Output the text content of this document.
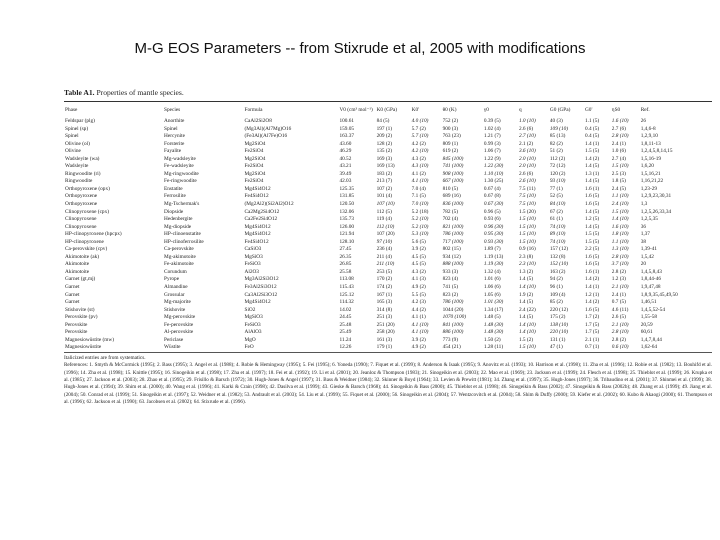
M-G EOS Parameters -- from Stixrude et al, 2005 with modifications
Table A1. Properties of mantle species.
Phase	Species	Formula	V0 (cm³ mol⁻¹)	K0 (GPa)	K0'	θ0 (K)	γ0	q	G0 (GPa)	G0'	ηS0	Ref.
Feldspar (plg)	Anorthite	CaAl2Si2O8	100.61	84 (5)	4.0 (10)	752 (2)	0.39 (5)	1.0 (10)	40 (3)	1.1 (5)	1.6 (10)	26
Spinel (sp)	Spinel	(Mg3Al)(Al7Mg)O16	159.05	197 (1)	5.7 (2)	900 (3)	1.02 (4)	2.6 (6)	109 (10)	0.4 (5)	2.7 (6)	1,4,6-8
Spinel	Hercynite	(Fe3Al)(Al7Fe)O16	163.37	209 (2)	5.7 (10)	763 (23)	1.21 (7)	2.7 (10)	85 (13)	0.4 (5)	2.8 (10)	1,2,9,10
Olivine (ol)	Forsterite	Mg2SiO4	43.60	128 (2)	4.2 (2)	809 (1)	0.99 (3)	2.1 (2)	82 (2)	1.4 (1)	2.4 (1)	1,8,11-13
Olivine	Fayalite	Fe2SiO4	46.29	135 (2)	4.2 (10)	619 (2)	1.06 (7)	3.6 (10)	51 (2)	1.5 (5)	1.0 (6)	1,2,4,5,8,14,15
Wadsleyite (wa)	Mg-wadsleyite	Mg2SiO4	40.52	169 (3)	4.3 (2)	845 (100)	1.22 (9)	2.0 (10)	112 (2)	1.4 (2)	2.7 (4)	1,5,16-19
Wadsleyite	Fe-wadsleyite	Fe2SiO4	43.21	169 (13)	4.3 (10)	741 (100)	1.22 (30)	2.0 (10)	72 (12)	1.4 (5)	1.5 (10)	1,6,20
Ringwoodite (ri)	Mg-ringwoodite	Mg2SiO4	39.49	183 (2)	4.1 (2)	908 (100)	1.10 (10)	2.6 (6)	120 (2)	1.3 (1)	2.5 (3)	1,5,16,21
Ringwoodite	Fe-ringwoodite	Fe2SiO4	42.03	213 (7)	4.1 (10)	667 (100)	1.30 (25)	2.6 (10)	93 (10)	1.4 (5)	1.8 (5)	1,16,21,22
Orthopyroxene (opx)	Enstatite	Mg4Si4O12	125.35	107 (2)	7.0 (4)	810 (5)	0.67 (4)	7.5 (11)	77 (1)	1.6 (1)	2.4 (5)	1,23-29
Orthopyroxene	Ferrosilite	Fe4Si4O12	131.85	101 (4)	7.1 (5)	689 (16)	0.67 (8)	7.5 (10)	52 (5)	1.6 (5)	1.1 (10)	1,2,9,23,30,31
Orthopyroxene	Mg-Tschermak's	(Mg2Al2)(Si2Al2)O12	120.50	107 (10)	7.0 (10)	836 (100)	0.67 (30)	7.5 (10)	84 (10)	1.6 (5)	2.4 (10)	1,3
Clinopyroxene (cpx)	Diopside	Ca2Mg2Si4O12	132.06	112 (5)	5.2 (18)	782 (5)	0.96 (5)	1.5 (20)	67 (2)	1.4 (5)	1.5 (10)	1,2,5,26,33,34
Clinopyroxene	Hedenbergite	Ca2Fe2Si4O12	135.73	119 (4)	5.2 (10)	702 (4)	0.93 (6)	1.5 (10)	61 (1)	1.2 (5)	1.4 (10)	1,2,5,35
Clinopyroxene	Mg-diopside	Mg4Si4O12	126.00	112 (10)	5.2 (10)	821 (100)	0.96 (30)	1.5 (10)	74 (10)	1.4 (5)	1.6 (10)	36
HP-clinopyroxene (hpcpx)	HP-clinoenstatite	Mg4Si4O12	121.94	107 (20)	5.3 (10)	786 (100)	0.95 (30)	1.5 (10)	89 (10)	1.5 (5)	1.8 (10)	1,37
HP-clinopyroxene	HP-clinoferrosilite	Fe4Si4O12	128.10	97 (10)	5.6 (5)	717 (100)	0.93 (30)	1.5 (10)	74 (10)	1.5 (5)	1.1 (10)	38
Ca-perovskite (cpv)	Ca-perovskite	CaSiO3	27.45	236 (4)	3.9 (2)	802 (15)	1.89 (7)	0.9 (16)	157 (12)	2.2 (5)	1.3 (10)	1,39-41
Akimotoite (ak)	Mg-akimotoite	MgSiO3	26.35	211 (4)	4.5 (5)	934 (12)	1.19 (13)	2.3 (8)	132 (8)	1.6 (5)	2.8 (10)	1,5,42
Akimotoite	Fe-akimotoite	FeSiO3	26.85	211 (10)	4.5 (5)	888 (100)	1.19 (30)	2.3 (10)	152 (10)	1.6 (5)	3.7 (10)	20
Akimotoite	Corundum	Al2O3	25.58	253 (5)	4.3 (2)	933 (3)	1.32 (4)	1.3 (2)	163 (2)	1.6 (1)	2.8 (2)	1,4,5,8,43
Garnet (gt,mj)	Pyrope	Mg3Al2Si3O12	113.08	170 (2)	4.1 (3)	823 (4)	1.01 (6)	1.4 (5)	94 (2)	1.4 (2)	1.2 (3)	1,8,44-46
Garnet	Almandine	Fe3Al2Si3O12	115.43	174 (2)	4.9 (2)	741 (5)	1.06 (6)	1.4 (10)	96 (1)	1.4 (1)	2.1 (10)	1,9,47,48
Garnet	Grossular	Ca3Al2Si3O12	125.12	167 (1)	5.5 (5)	823 (2)	1.05 (6)	1.9 (2)	109 (4)	1.2 (1)	2.4 (1)	1,8,9,35,45,49,50
Garnet	Mg-majorite	Mg4Si4O12	114.32	165 (3)	4.2 (3)	786 (100)	1.01 (30)	1.4 (5)	85 (2)	1.4 (2)	0.7 (5)	1,46,51
Stishovite (st)	Stishovite	SiO2	14.02	314 (8)	4.4 (2)	1044 (20)	1.34 (17)	2.4 (22)	220 (12)	1.6 (5)	4.6 (11)	1,4,5,52-54
Perovskite (pv)	Mg-perovskite	MgSiO3	24.45	251 (3)	4.1 (1)	1070 (100)	1.48 (5)	1.4 (5)	175 (2)	1.7 (2)	2.6 (5)	1,55-58
Perovskite	Fe-perovskite	FeSiO3	25.48	251 (20)	4.1 (10)	841 (100)	1.48 (30)	1.4 (10)	138 (10)	1.7 (5)	2.1 (10)	20,59
Perovskite	Al-perovskite	AlAlO3	25.49	258 (20)	4.1 (10)	886 (100)	1.48 (30)	1.4 (10)	220 (10)	1.7 (5)	2.8 (10)	60,61
Magnesiowüstite (mw)	Periclase	MgO	11.24	161 (3)	3.9 (2)	773 (9)	1.50 (2)	1.5 (2)	131 (1)	2.1 (1)	2.8 (2)	1,4,7,8,44
Magnesiowüstite	Wüstite	FeO	12.26	179 (1)	4.9 (2)	454 (21)	1.28 (11)	1.5 (10)	47 (1)	0.7 (1)	0.6 (10)	1,62-64
Italicized entries are from systematics.
References: 1. Smyth & McCormick (1995); 2. Bass (1995); 3. Angel et al. (1988); 4. Robie & Hemingway (1995); 5. Fei (1995); 6. Yoneda (1990); 7. Fiquet et al. (1999); 8. Anderson & Isaak (1995); 9. Anovitz et al. (1993); 10. Harrison et al. (1998); 11. Zha et al. (1996); 12. Robie et al. (1982); 13. Bouhifd et al. (1996); 14. Zha et al. (1998); 15. Knittle (1995); 16. Sinogeikin et al. (1998); 17. Zha et al. (1997); 18. Fei et al. (1992); 19. Li et al. (2001); 20. Jeanloz & Thompson (1983); 21. Sinogeikin et al. (2003); 22. Mao et al. (1969); 23. Jackson et al. (1999); 24. Flesch et al. (1998); 25. Thieblot et al. (1999); 26. Krupka et al. (1985); 27. Jackson et al. (2003); 28. Zhao et al. (1995); 29. Frisillo & Barsch (1972); 30. Hugh-Jones & Angel (1997); 31. Bass & Weidner (1984); 32. Skinner & Boyd (1964); 33. Levien & Prewitt (1981); 34. Zhang et al. (1997); 35. Hugh-Jones (1997); 36. Tribaudino et al. (2001); 37. Shinmei et al. (1999); 38. Hugh-Jones et al. (1994); 39. Shim et al. (2000); 40. Wang et al. (1996); 41. Karki & Crain (1998); 42. Dasilva et al. (1999); 43. Gieske & Barsch (1968); 44. Sinogeikin & Bass (2000); 45. Thieblot et al. (1998); 46. Sinogeikin & Bass (2002); 47. Sinogeikin & Bass (2002b); 48. Zhang et al. (1999); 49. Jiang et al. (2004); 50. Conrad et al. (1999); 51. Sinogeikin et al. (1997); 52. Weidner et al. (1982); 53. Andrault et al. (2003); 54. Liu et al. (1999); 55. Fiquet et al. (2000); 56. Sinogeikin et al. (2004); 57. Wentzcovitch et al. (2004); 58. Shim & Duffy (2000); 59. Kiefer et al. (2002); 60. Kubo & Akaogi (2000); 61. Thompson et al. (1996); 62. Jackson et al. (1990); 63. Jacobsen et al. (2002); 64. Stixrude et al. (1996).
